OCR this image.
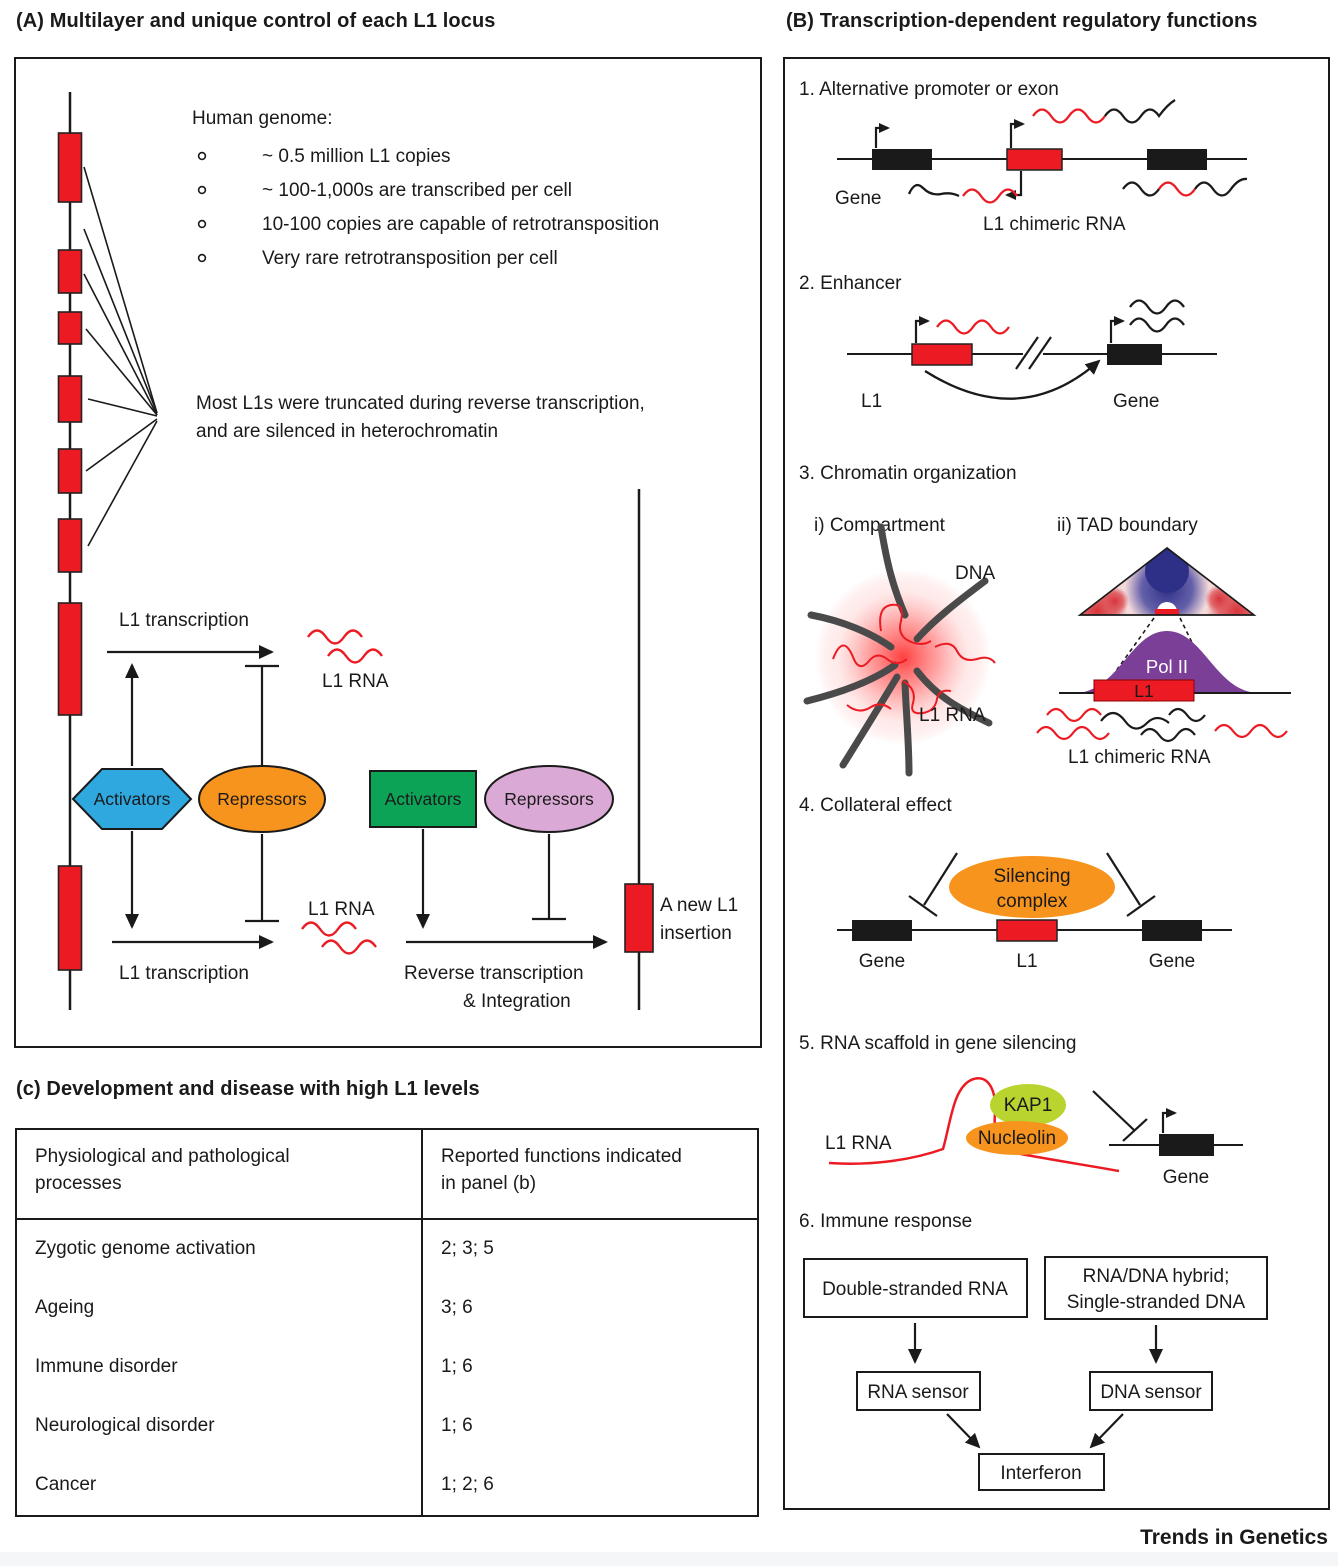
(A) Multilayer and unique control of each L1 locus
Human genome:
~ 0.5 million L1 copies
~ 100-1,000s are transcribed per cell
10-100 copies are capable of retrotransposition
Very rare retrotransposition per cell
Most L1s were truncated during reverse transcription,
and are silenced in heterochromatin
L1 transcription
L1 RNA
Activators	Repressors	Activators Repressors
L1 transcription
L1 RNA
Reverse transcription
& Integration
A new L1
insertion
(B) Transcription-dependent regulatory functions
1. Alternative promoter or exon
Gene
L1 chimeric RNA
2. Enhancer
L1	Gene
3. Chromatin organization
i) Compartment	ii) TAD boundary
DNA
L1 RNA
Pol II
L1
L1 chimeric RNA
4. Collateral effect
Silencing
complex
Gene	L1	Gene
5. RNA scaffold in gene silencing
KAP1
Nucleolin
L1 RNA
Gene
6. Immune response
Double-stranded RNA
RNA/DNA hybrid;
Single-stranded DNA
RNA sensor	DNA sensor
Interferon
(c) Development and disease with high L1 levels
Physiological and pathological
processes
Reported functions indicated
in panel (b)
Zygotic genome activation	2; 3; 5
Ageing	3; 6
Immune disorder	1; 6
Neurological disorder	1; 6
Cancer	1; 2; 6
Trends in Genetics
